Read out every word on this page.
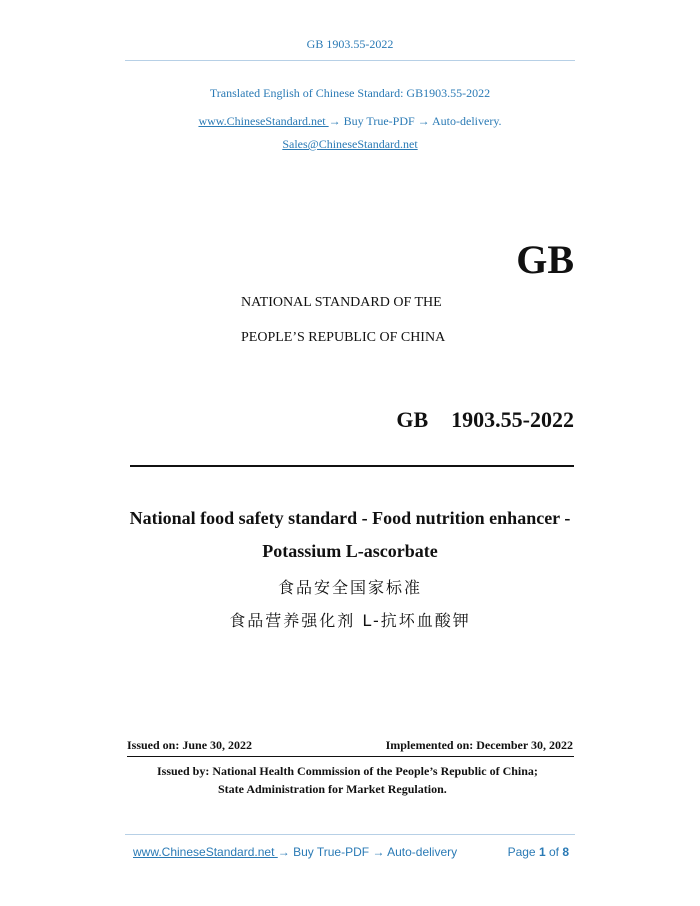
GB 1903.55-2022
Translated English of Chinese Standard: GB1903.55-2022
www.ChineseStandard.net → Buy True-PDF → Auto-delivery.
Sales@ChineseStandard.net
GB
NATIONAL STANDARD OF THE
PEOPLE’S REPUBLIC OF CHINA
GB  1903.55-2022
National food safety standard - Food nutrition enhancer -
Potassium L-ascorbate
食品安全国家标准
食品营养强化剂 L-抗坏血酸钾
Issued on: June 30, 2022	Implemented on: December 30, 2022
Issued by: National Health Commission of the People’s Republic of China;
State Administration for Market Regulation.
www.ChineseStandard.net → Buy True-PDF → Auto-delivery	Page 1 of 8
